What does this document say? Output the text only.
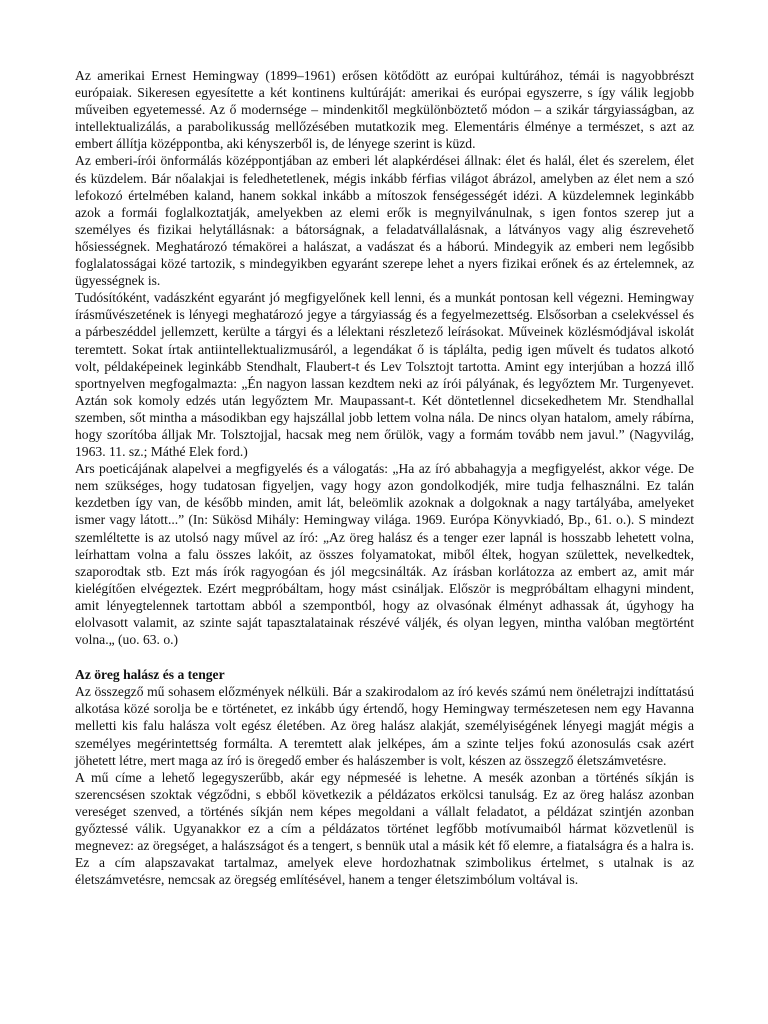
Az amerikai Ernest Hemingway (1899–1961) erősen kötődött az európai kultúrához, témái is nagyobbrészt európaiak. Sikeresen egyesítette a két kontinens kultúráját: amerikai és európai egyszerre, s így válik legjobb műveiben egyetemessé. Az ő modernsége – mindenkitől megkülönböztető módon – a szikár tárgyiasságban, az intellektualizálás, a parabolikusság mellőzésében mutatkozik meg. Elementáris élménye a természet, s azt az embert állítja középpontba, aki kényszerből is, de lényege szerint is küzd.

Az emberi-írói önformálás középpontjában az emberi lét alapkérdései állnak: élet és halál, élet és szerelem, élet és küzdelem. Bár nőalakjai is feledhetetlenek, mégis inkább férfias világot ábrázol, amelyben az élet nem a szó lefokozó értelmében kaland, hanem sokkal inkább a mítoszok fenségességét idézi. A küzdelemnek leginkább azok a formái foglalkoztatják, amelyekben az elemi erők is megnyilvánulnak, s igen fontos szerep jut a személyes és fizikai helytállásnak: a bátorságnak, a feladatvállalásnak, a látványos vagy alig észrevehető hősiességnek. Meghatározó témakörei a halászat, a vadászat és a háború. Mindegyik az emberi nem legősibb foglalatosságai közé tartozik, s mindegyikben egyaránt szerepe lehet a nyers fizikai erőnek és az értelemnek, az ügyességnek is.

Tudósítóként, vadászként egyaránt jó megfigyelőnek kell lenni, és a munkát pontosan kell végezni. Hemingway írásművészetének is lényegi meghatározó jegye a tárgyiasság és a fegyelmezettség. Elsősorban a cselekvéssel és a párbeszéddel jellemzett, kerülte a tárgyi és a lélektani részletező leírásokat. Műveinek közlésmódjával iskolát teremtett. Sokat írtak antiintellektualizmusáról, a legendákat ő is táplálta, pedig igen művelt és tudatos alkotó volt, példaképeinek leginkább Stendhalt, Flaubert-t és Lev Tolsztojt tartotta. Amint egy interjúban a hozzá illő sportnyelven megfogalmazta: „Én nagyon lassan kezdtem neki az írói pályának, és legyőztem Mr. Turgenyevet. Aztán sok komoly edzés után legyőztem Mr. Maupassant-t. Két döntetlennel dicsekedhetem Mr. Stendhallal szemben, sőt mintha a másodikban egy hajszállal jobb lettem volna nála. De nincs olyan hatalom, amely rábírna, hogy szorítóba álljak Mr. Tolsztojjal, hacsak meg nem őrülök, vagy a formám tovább nem javul.” (Nagyvilág, 1963. 11. sz.; Máthé Elek ford.)

Ars poeticájának alapelvei a megfigyelés és a válogatás: „Ha az író abbahagyja a megfigyelést, akkor vége. De nem szükséges, hogy tudatosan figyeljen, vagy hogy azon gondolkodjék, mire tudja felhasználni. Ez talán kezdetben így van, de később minden, amit lát, beleömlik azoknak a dolgoknak a nagy tartályába, amelyeket ismer vagy látott...” (In: Sükösd Mihály: Hemingway világa. 1969. Európa Könyvkiadó, Bp., 61. o.). S mindezt szemléltette is az utolsó nagy művel az író: „Az öreg halász és a tenger ezer lapnál is hosszabb lehetett volna, leírhattam volna a falu összes lakóit, az összes folyamatokat, miből éltek, hogyan születtek, nevelkedtek, szaporodtak stb. Ezt más írók ragyogóan és jól megcsinálták. Az írásban korlátozza az embert az, amit már kielégítően elvégeztek. Ezért megpróbáltam, hogy mást csináljak. Először is megpróbáltam elhagyni mindent, amit lényegtelennek tartottam abból a szempontból, hogy az olvasónak élményt adhassak át, úgyhogy ha elolvasott valamit, az szinte saját tapasztalatainak részévé váljék, és olyan legyen, mintha valóban megtörtént volna.„ (uo. 63. o.)

Az öreg halász és a tenger

Az összegző mű sohasem előzmények nélküli. Bár a szakirodalom az író kevés számú nem önéletrajzi indíttatású alkotása közé sorolja be e történetet, ez inkább úgy értendő, hogy Hemingway természetesen nem egy Havanna melletti kis falu halásza volt egész életében. Az öreg halász alakját, személyiségének lényegi magját mégis a személyes megérintettség formálta. A teremtett alak jelképes, ám a szinte teljes fokú azonosulás csak azért jöhetett létre, mert maga az író is öregedő ember és halászember is volt, készen az összegző életszámvetésre.

A mű címe a lehető legegyszerűbb, akár egy népmeséé is lehetne. A mesék azonban a történés síkján is szerencsésen szoktak végződni, s ebből következik a példázatos erkölcsi tanulság. Ez az öreg halász azonban vereséget szenved, a történés síkján nem képes megoldani a vállalt feladatot, a példázat szintjén azonban győztessé válik. Ugyanakkor ez a cím a példázatos történet legfőbb motívumaiból hármat közvetlenül is megnevez: az öregséget, a halászságot és a tengert, s bennük utal a másik két fő elemre, a fiatalságra és a halra is. Ez a cím alapszavakat tartalmaz, amelyek eleve hordozhatnak szimbolikus értelmet, s utalnak is az életszámvetésre, nemcsak az öregség említésével, hanem a tenger életszimbólum voltával is.
